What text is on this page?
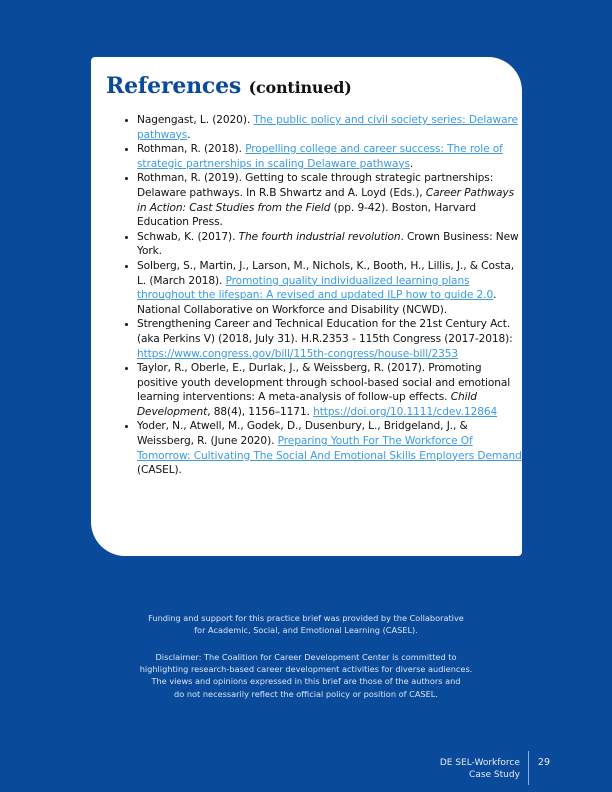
References (continued)
• Nagengast, L. (2020). The public policy and civil society series: Delaware pathways.
• Rothman, R. (2018). Propelling college and career success: The role of strategic partnerships in scaling Delaware pathways.
• Rothman, R. (2019). Getting to scale through strategic partnerships: Delaware pathways. In R.B Shwartz and A. Loyd (Eds.), Career Pathways in Action: Cast Studies from the Field (pp. 9-42). Boston, Harvard Education Press.
• Schwab, K. (2017). The fourth industrial revolution. Crown Business: New York.
• Solberg, S., Martin, J., Larson, M., Nichols, K., Booth, H., Lillis, J., & Costa, L. (March 2018). Promoting quality individualized learning plans throughout the lifespan: A revised and updated ILP how to guide 2.0. National Collaborative on Workforce and Disability (NCWD).
• Strengthening Career and Technical Education for the 21st Century Act. (aka Perkins V) (2018, July 31). H.R.2353 - 115th Congress (2017-2018): https://www.congress.gov/bill/115th-congress/house-bill/2353
• Taylor, R., Oberle, E., Durlak, J., & Weissberg, R. (2017). Promoting positive youth development through school-based social and emotional learning interventions: A meta-analysis of follow-up effects. Child Development, 88(4), 1156–1171. https://doi.org/10.1111/cdev.12864
• Yoder, N., Atwell, M., Godek, D., Dusenbury, L., Bridgeland, J., & Weissberg, R. (June 2020). Preparing Youth For The Workforce Of Tomorrow: Cultivating The Social And Emotional Skills Employers Demand (CASEL).

Funding and support for this practice brief was provided by the Collaborative

for Academic, Social, and Emotional Learning (CASEL).

Disclaimer: The Coalition for Career Development Center is committed to

highlighting research-based career development activities for diverse audiences.

The views and opinions expressed in this brief are those of the authors and

do not necessarily reflect the official policy or position of CASEL.

DE SEL-Workforce
Case Study
29
